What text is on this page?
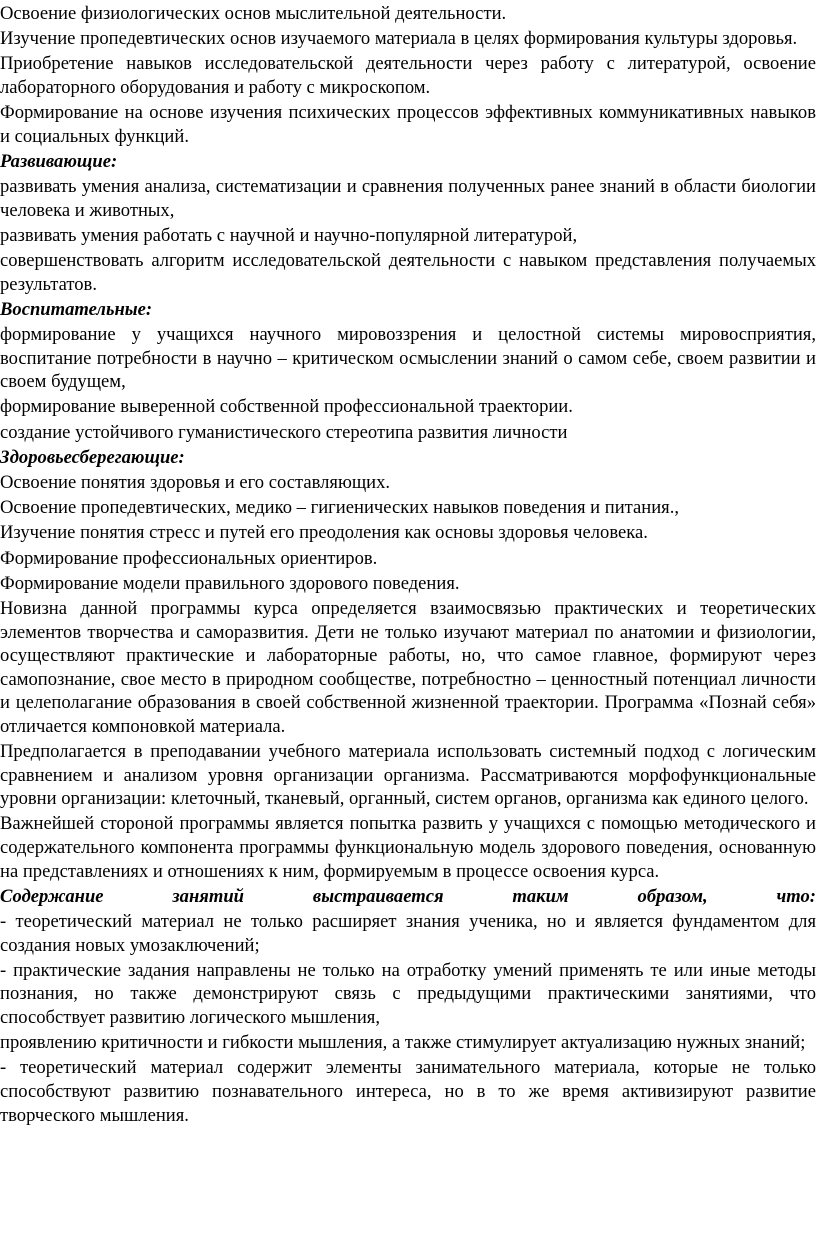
Освоение физиологических основ мыслительной деятельности.

Изучение пропедевтических основ изучаемого материала в целях формирования культуры здоровья.

Приобретение навыков исследовательской деятельности через работу с литературой, освоение лабораторного оборудования и работу с микроскопом.

Формирование на основе изучения психических процессов эффективных коммуникативных навыков и социальных функций.

Развивающие:

развивать умения анализа, систематизации и сравнения полученных ранее знаний в области биологии человека и животных,

развивать умения работать с научной и научно-популярной литературой,

совершенствовать алгоритм исследовательской деятельности с навыком представления получаемых результатов.

Воспитательные:

формирование у учащихся научного мировоззрения и целостной системы мировосприятия, воспитание потребности в научно – критическом осмыслении знаний о самом себе, своем развитии и своем будущем,

формирование выверенной собственной профессиональной траектории.

создание устойчивого гуманистического стереотипа развития личности

Здоровьесберегающие:

Освоение понятия здоровья и его составляющих.

Освоение пропедевтических, медико – гигиенических навыков поведения и питания.,

Изучение понятия стресс и путей его преодоления как основы здоровья человека.

Формирование профессиональных ориентиров.

Формирование модели правильного здорового поведения.

Новизна данной программы курса определяется взаимосвязью практических и теоретических элементов творчества и саморазвития. Дети не только изучают материал по анатомии и физиологии, осуществляют практические и лабораторные работы, но, что самое главное, формируют через самопознание, свое место в природном сообществе, потребностно – ценностный потенциал личности и целеполагание образования в своей собственной жизненной траектории. Программа «Познай себя» отличается компоновкой материала.

Предполагается в преподавании учебного материала использовать системный подход с логическим сравнением и анализом уровня организации организма. Рассматриваются морфофункциональные уровни организации: клеточный, тканевый, органный, систем органов, организма как единого целого.

Важнейшей стороной программы является попытка развить у учащихся с помощью методического и содержательного компонента программы функциональную модель здорового поведения, основанную на представлениях и отношениях к ним, формируемым в процессе освоения курса.

Содержание занятий выстраивается таким образом, что:

- теоретический материал не только расширяет знания ученика, но и является фундаментом для создания новых умозаключений;

- практические задания направлены не только на отработку умений применять те или иные методы познания, но также демонстрируют связь с предыдущими практическими занятиями, что способствует развитию логического мышления,

проявлению критичности и гибкости мышления, а также стимулирует актуализацию нужных знаний;

- теоретический материал содержит элементы занимательного материала, которые не только способствуют развитию познавательного интереса, но в то же время активизируют развитие творческого мышления.
